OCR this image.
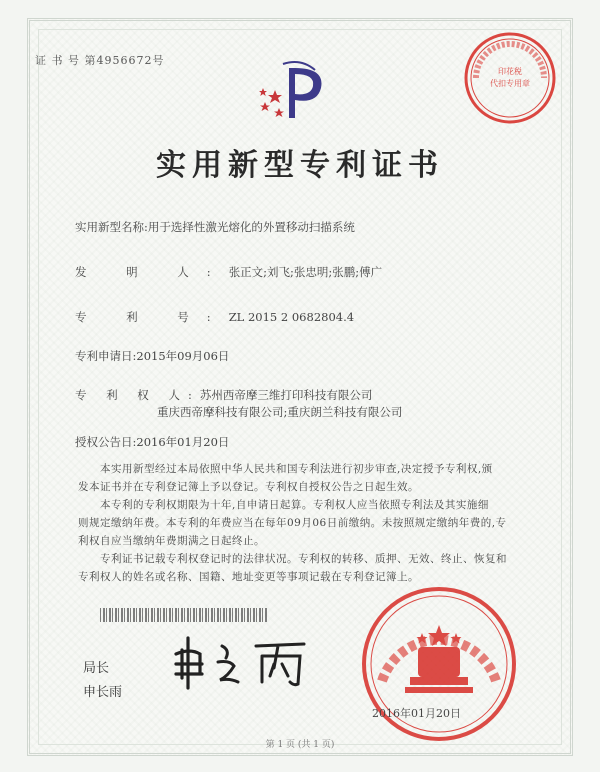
证 书 号 第4956672号
实用新型专利证书
印花税
代扣专用章
实用新型名称:用于选择性激光熔化的外置移动扫描系统
发 明 人:张正文;刘飞;张忠明;张鹏;傅广
专 利 号:ZL 2015 2 0682804.4
专利申请日:2015年09月06日
专 利 权 人:苏州西帝摩三维打印科技有限公司
重庆西帝摩科技有限公司;重庆朗兰科技有限公司
授权公告日:2016年01月20日
本实用新型经过本局依照中华人民共和国专利法进行初步审查,决定授予专利权,颁
发本证书并在专利登记簿上予以登记。专利权自授权公告之日起生效。
本专利的专利权期限为十年,自申请日起算。专利权人应当依照专利法及其实施细
则规定缴纳年费。本专利的年费应当在每年09月06日前缴纳。未按照规定缴纳年费的,专
利权自应当缴纳年费期满之日起终止。
专利证书记载专利权登记时的法律状况。专利权的转移、质押、无效、终止、恢复和
专利权人的姓名或名称、国籍、地址变更等事项记载在专利登记簿上。
局长
申长雨
2016年01月20日
第 1 页 (共 1 页)
